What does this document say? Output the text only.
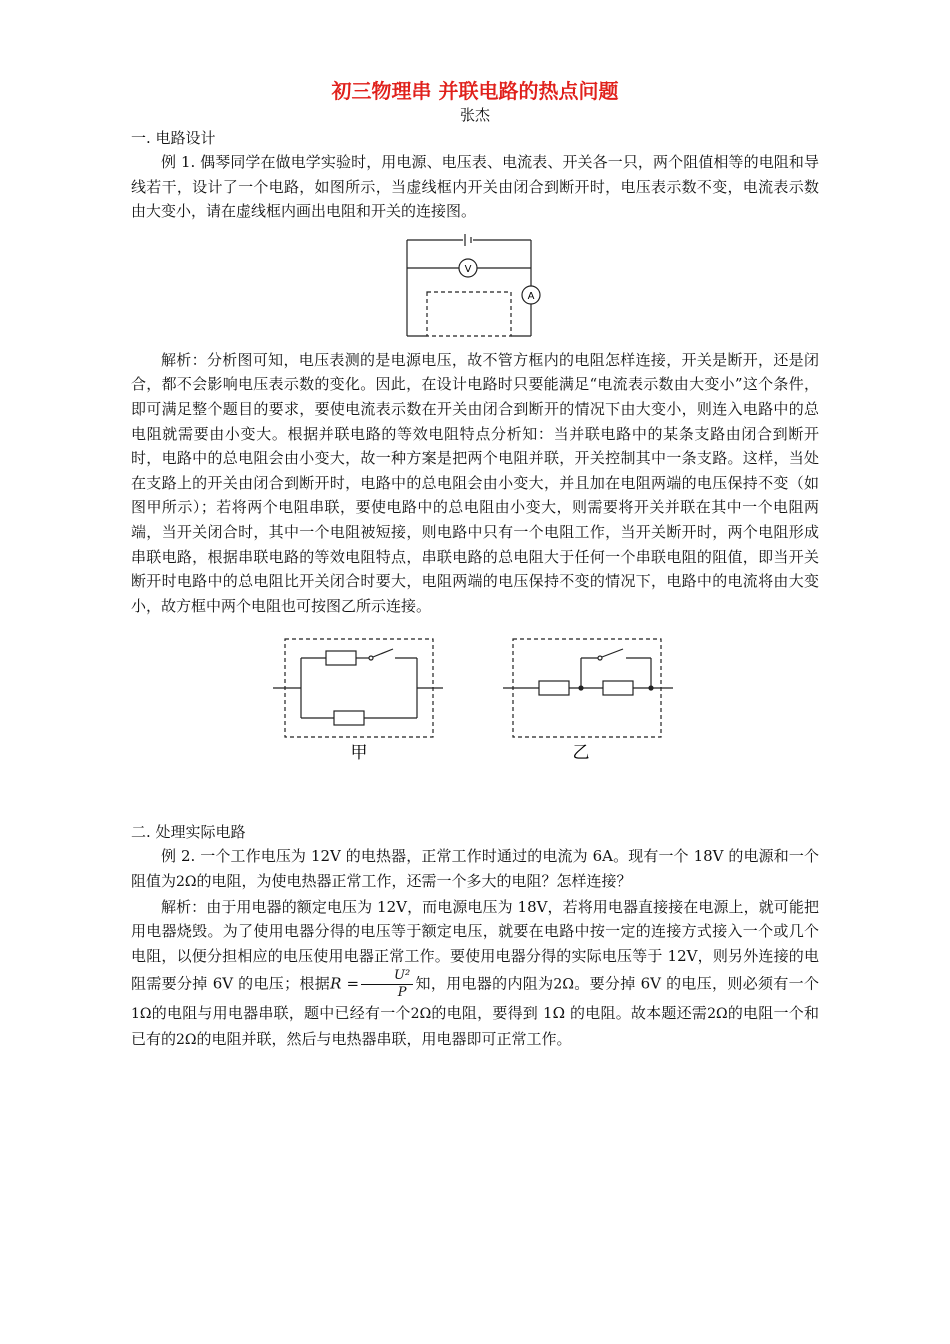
初三物理串 并联电路的热点问题
张杰
一. 电路设计

例 1. 偶琴同学在做电学实验时，用电源、电压表、电流表、开关各一只，两个阻值相等的电阻和导线若干，设计了一个电路，如图所示，当虚线框内开关由闭合到断开时，电压表示数不变，电流表示数由大变小，请在虚线框内画出电阻和开关的连接图。

V
A

解析：分析图可知，电压表测的是电源电压，故不管方框内的电阻怎样连接，开关是断开，还是闭合，都不会影响电压表示数的变化。因此，在设计电路时只要能满足“电流表示数由大变小”这个条件，即可满足整个题目的要求，要使电流表示数在开关由闭合到断开的情况下由大变小，则连入电路中的总电阻就需要由小变大。根据并联电路的等效电阻特点分析知：当并联电路中的某条支路由闭合到断开时，电路中的总电阻会由小变大，故一种方案是把两个电阻并联，开关控制其中一条支路。这样，当处在支路上的开关由闭合到断开时，电路中的总电阻会由小变大，并且加在电阻两端的电压保持不变（如图甲所示）；若将两个电阻串联，要使电路中的总电阻由小变大，则需要将开关并联在其中一个电阻两端，当开关闭合时，其中一个电阻被短接，则电路中只有一个电阻工作，当开关断开时，两个电阻形成串联电路，根据串联电路的等效电阻特点，串联电路的总电阻大于任何一个串联电阻的阻值，即当开关断开时电路中的总电阻比开关闭合时要大，电阻两端的电压保持不变的情况下，电路中的电流将由大变小，故方框中两个电阻也可按图乙所示连接。

甲	乙
二. 处理实际电路

例 2. 一个工作电压为 12V 的电热器，正常工作时通过的电流为 6A。现有一个 18V 的电源和一个阻值为2Ω的电阻，为使电热器正常工作，还需一个多大的电阻？怎样连接？

解析：由于用电器的额定电压为 12V，而电源电压为 18V，若将用电器直接接在电源上，就可能把用电器烧毁。为了使用电器分得的电压等于额定电压，就要在电路中按一定的连接方式接入一个或几个电阻，以便分担相应的电压使用电器正常工作。要使用电器分得的实际电压等于 12V，则另外连接的电阻需要分掉 6V 的电压；根据$R = \frac{\text{U²}}{P}$ 知，用电器的内阻为2Ω。要分掉 6V 的电压，则必须有一个1Ω的电阻与用电器串联，题中已经有一个2Ω的电阻，要得到 1Ω 的电阻。故本题还需2Ω的电阻一个和已有的2Ω的电阻并联，然后与电热器串联，用电器即可正常工作。
